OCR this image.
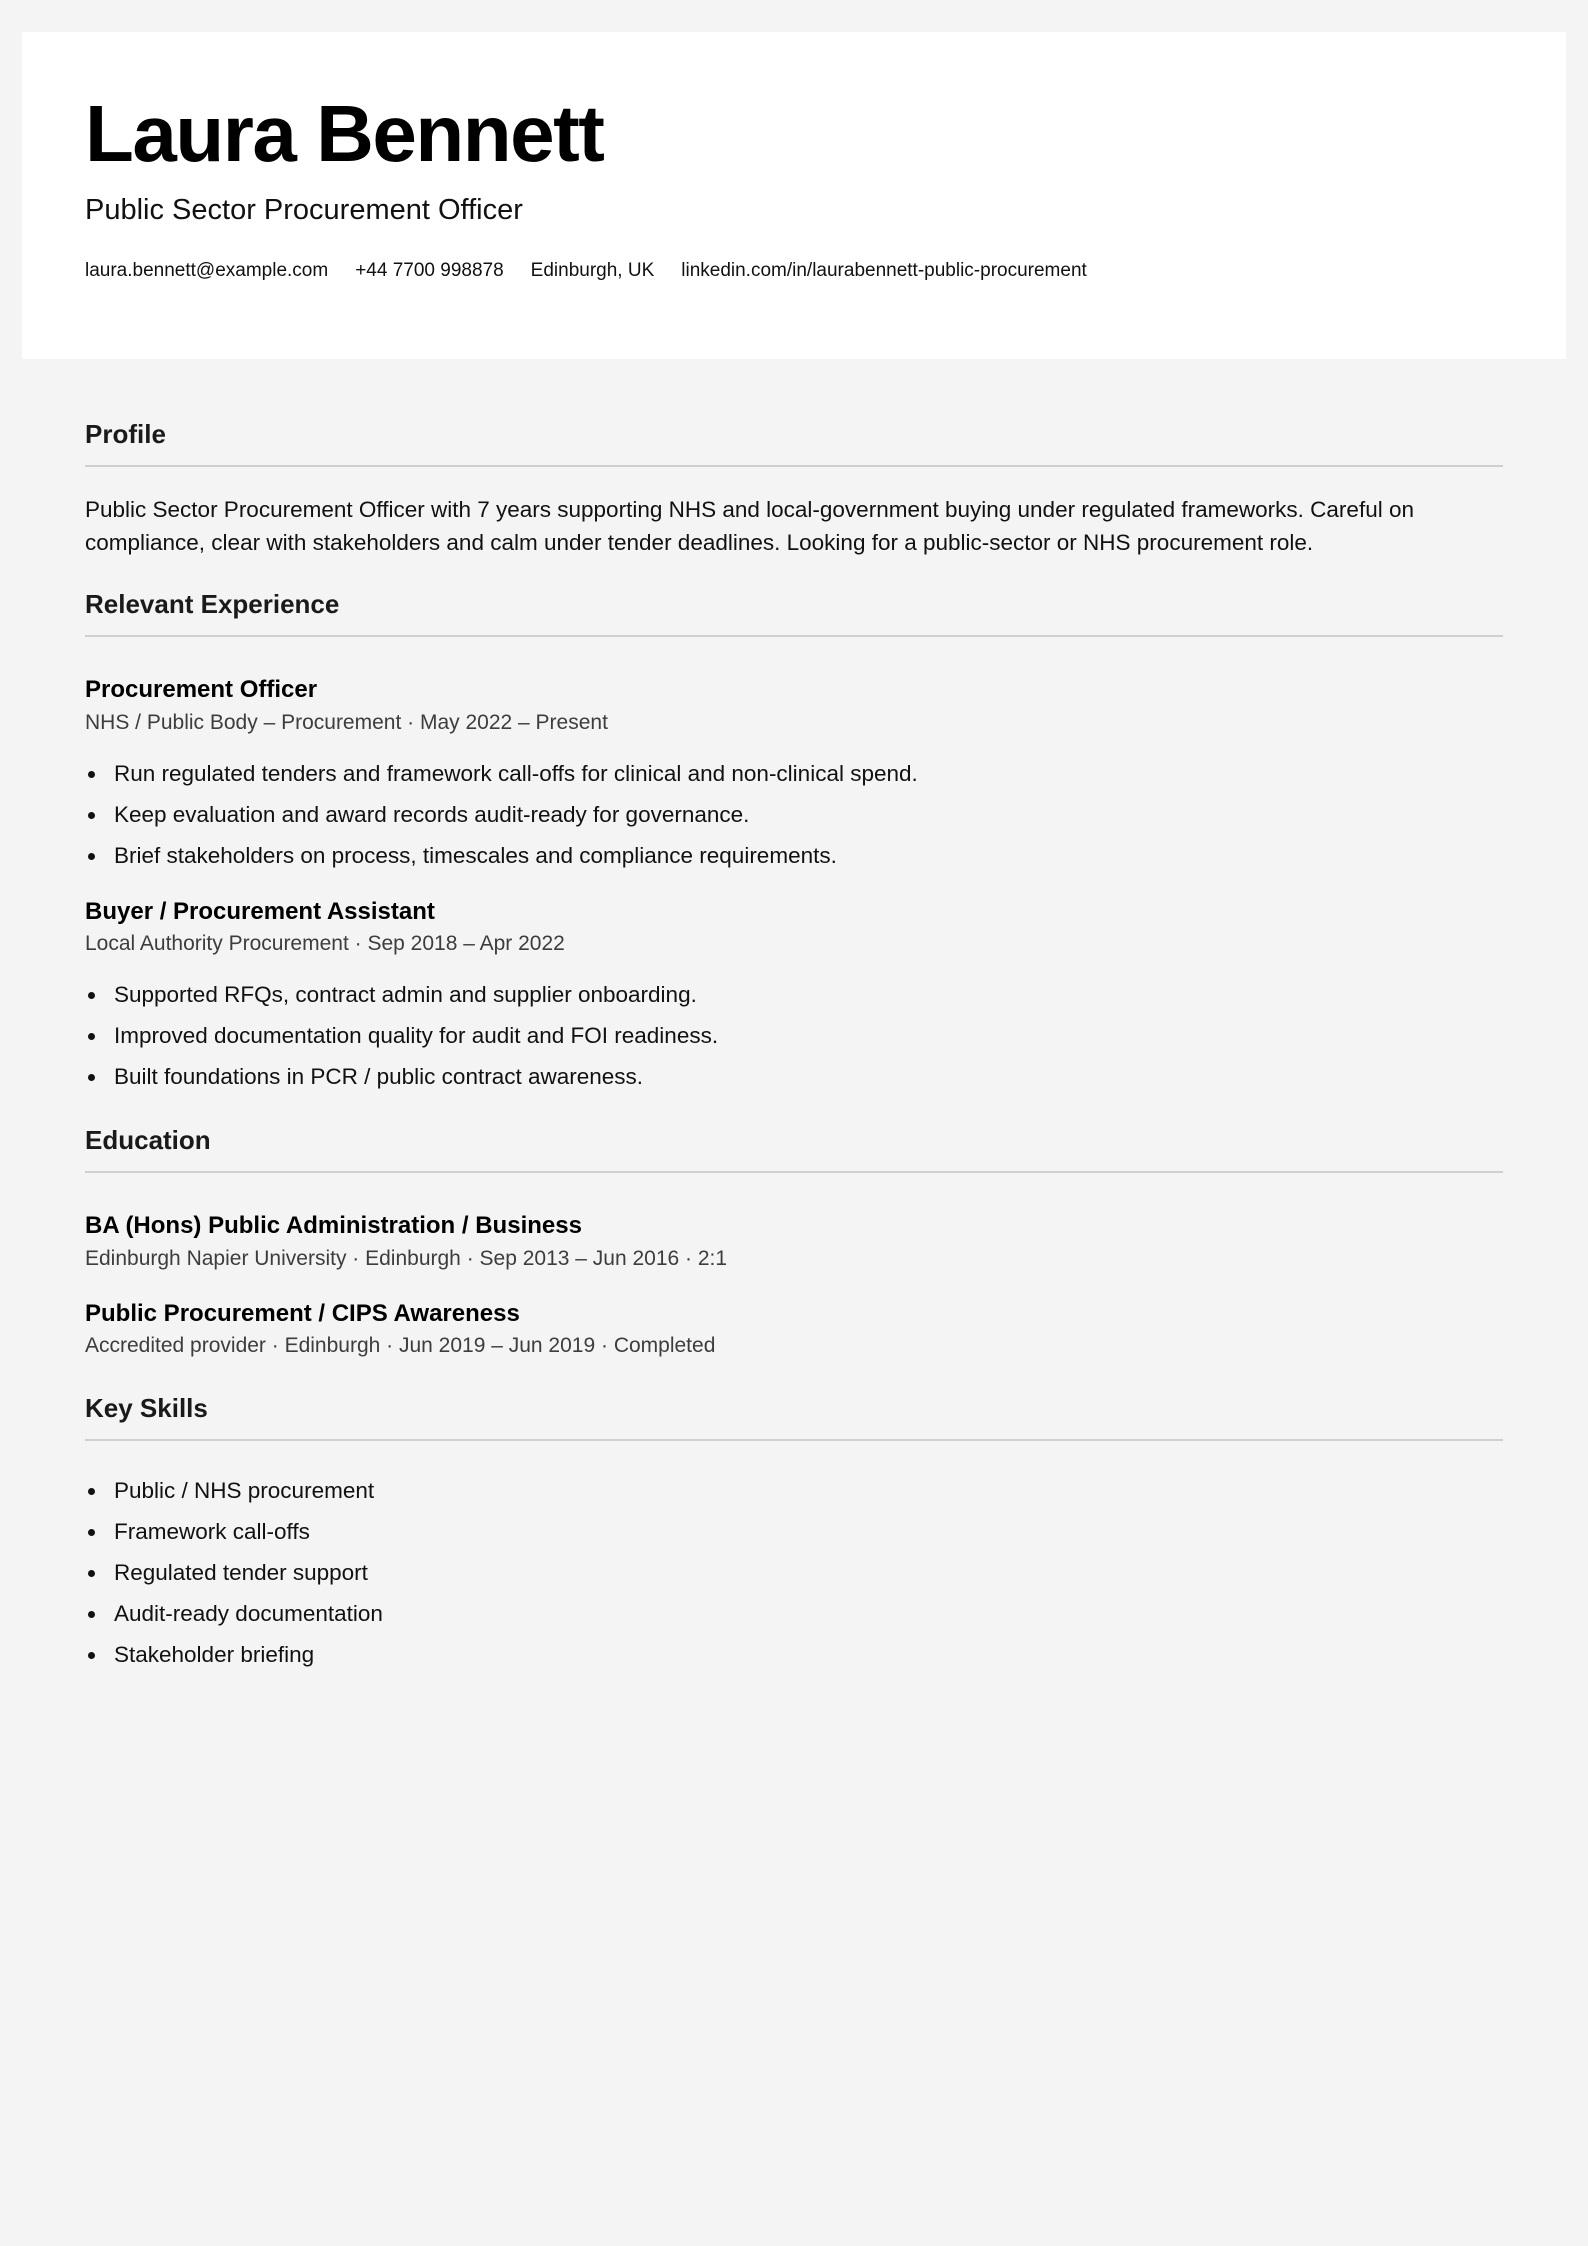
Laura Bennett
Public Sector Procurement Officer
laura.bennett@example.com +44 7700 998878 Edinburgh, UK linkedin.com/in/laurabennett-public-procurement
Profile

Public Sector Procurement Officer with 7 years supporting NHS and local-government buying under regulated frameworks. Careful on compliance, clear with stakeholders and calm under tender deadlines. Looking for a public-sector or NHS procurement role.

Relevant Experience
Procurement Officer
NHS / Public Body – Procurement · May 2022 – Present
Run regulated tenders and framework call-offs for clinical and non-clinical spend.
Keep evaluation and award records audit-ready for governance.
Brief stakeholders on process, timescales and compliance requirements.
Buyer / Procurement Assistant
Local Authority Procurement · Sep 2018 – Apr 2022
Supported RFQs, contract admin and supplier onboarding.
Improved documentation quality for audit and FOI readiness.
Built foundations in PCR / public contract awareness.
Education
BA (Hons) Public Administration / Business
Edinburgh Napier University · Edinburgh · Sep 2013 – Jun 2016 · 2:1
Public Procurement / CIPS Awareness
Accredited provider · Edinburgh · Jun 2019 – Jun 2019 · Completed
Key Skills
Public / NHS procurement
Framework call-offs
Regulated tender support
Audit-ready documentation
Stakeholder briefing
